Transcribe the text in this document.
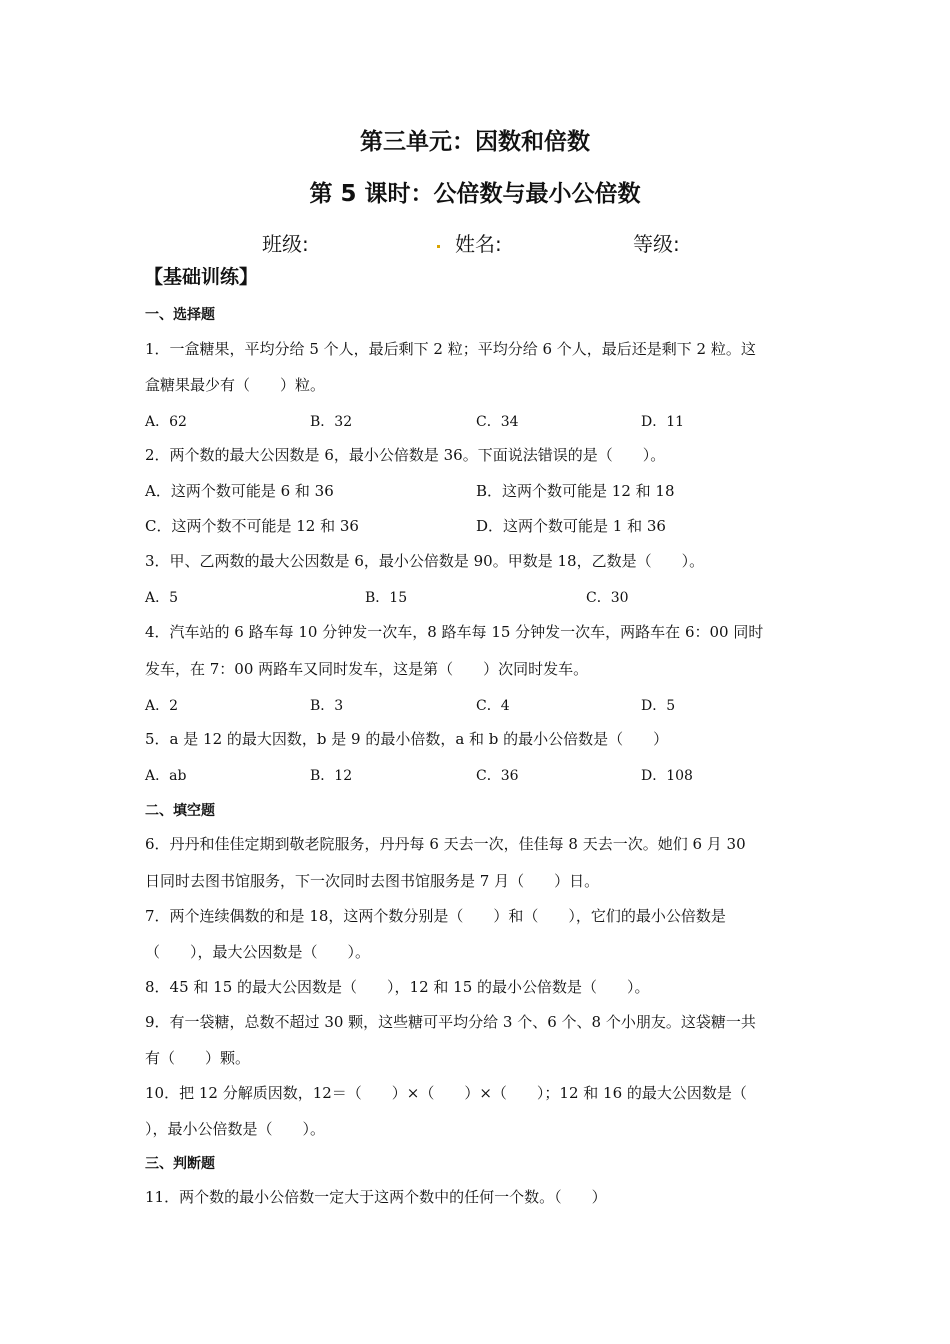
第三单元：因数和倍数
第 5 课时：公倍数与最小公倍数
班级:	姓名:	等级:
【基础训练】
一、选择题
1．一盒糖果，平均分给 5 个人，最后剩下 2 粒；平均分给 6 个人，最后还是剩下 2 粒。这
盒糖果最少有（　　）粒。
A．62	B．32	C．34	D．11
2．两个数的最大公因数是 6，最小公倍数是 36。下面说法错误的是（　　）。
A．这两个数可能是 6 和 36	B．这两个数可能是 12 和 18
C．这两个数不可能是 12 和 36	D．这两个数可能是 1 和 36
3．甲、乙两数的最大公因数是 6，最小公倍数是 90。甲数是 18，乙数是（　　）。
A．5	B．15	C．30
4．汽车站的 6 路车每 10 分钟发一次车，8 路车每 15 分钟发一次车，两路车在 6：00 同时
发车，在 7：00 两路车又同时发车，这是第（　　）次同时发车。
A．2	B．3	C．4	D．5
5．a 是 12 的最大因数，b 是 9 的最小倍数，a 和 b 的最小公倍数是（　　）
A．ab	B．12	C．36	D．108
二、填空题
6．丹丹和佳佳定期到敬老院服务，丹丹每 6 天去一次，佳佳每 8 天去一次。她们 6 月 30
日同时去图书馆服务，下一次同时去图书馆服务是 7 月（　　）日。
7．两个连续偶数的和是 18，这两个数分别是（　　）和（　　），它们的最小公倍数是
（　　），最大公因数是（　　）。
8．45 和 15 的最大公因数是（　　），12 和 15 的最小公倍数是（　　）。
9．有一袋糖，总数不超过 30 颗，这些糖可平均分给 3 个、6 个、8 个小朋友。这袋糖一共
有（　　）颗。
10．把 12 分解质因数，12＝（　　）×（　　）×（　　）；12 和 16 的最大公因数是（
），最小公倍数是（　　）。
三、判断题
11．两个数的最小公倍数一定大于这两个数中的任何一个数。（　　）
